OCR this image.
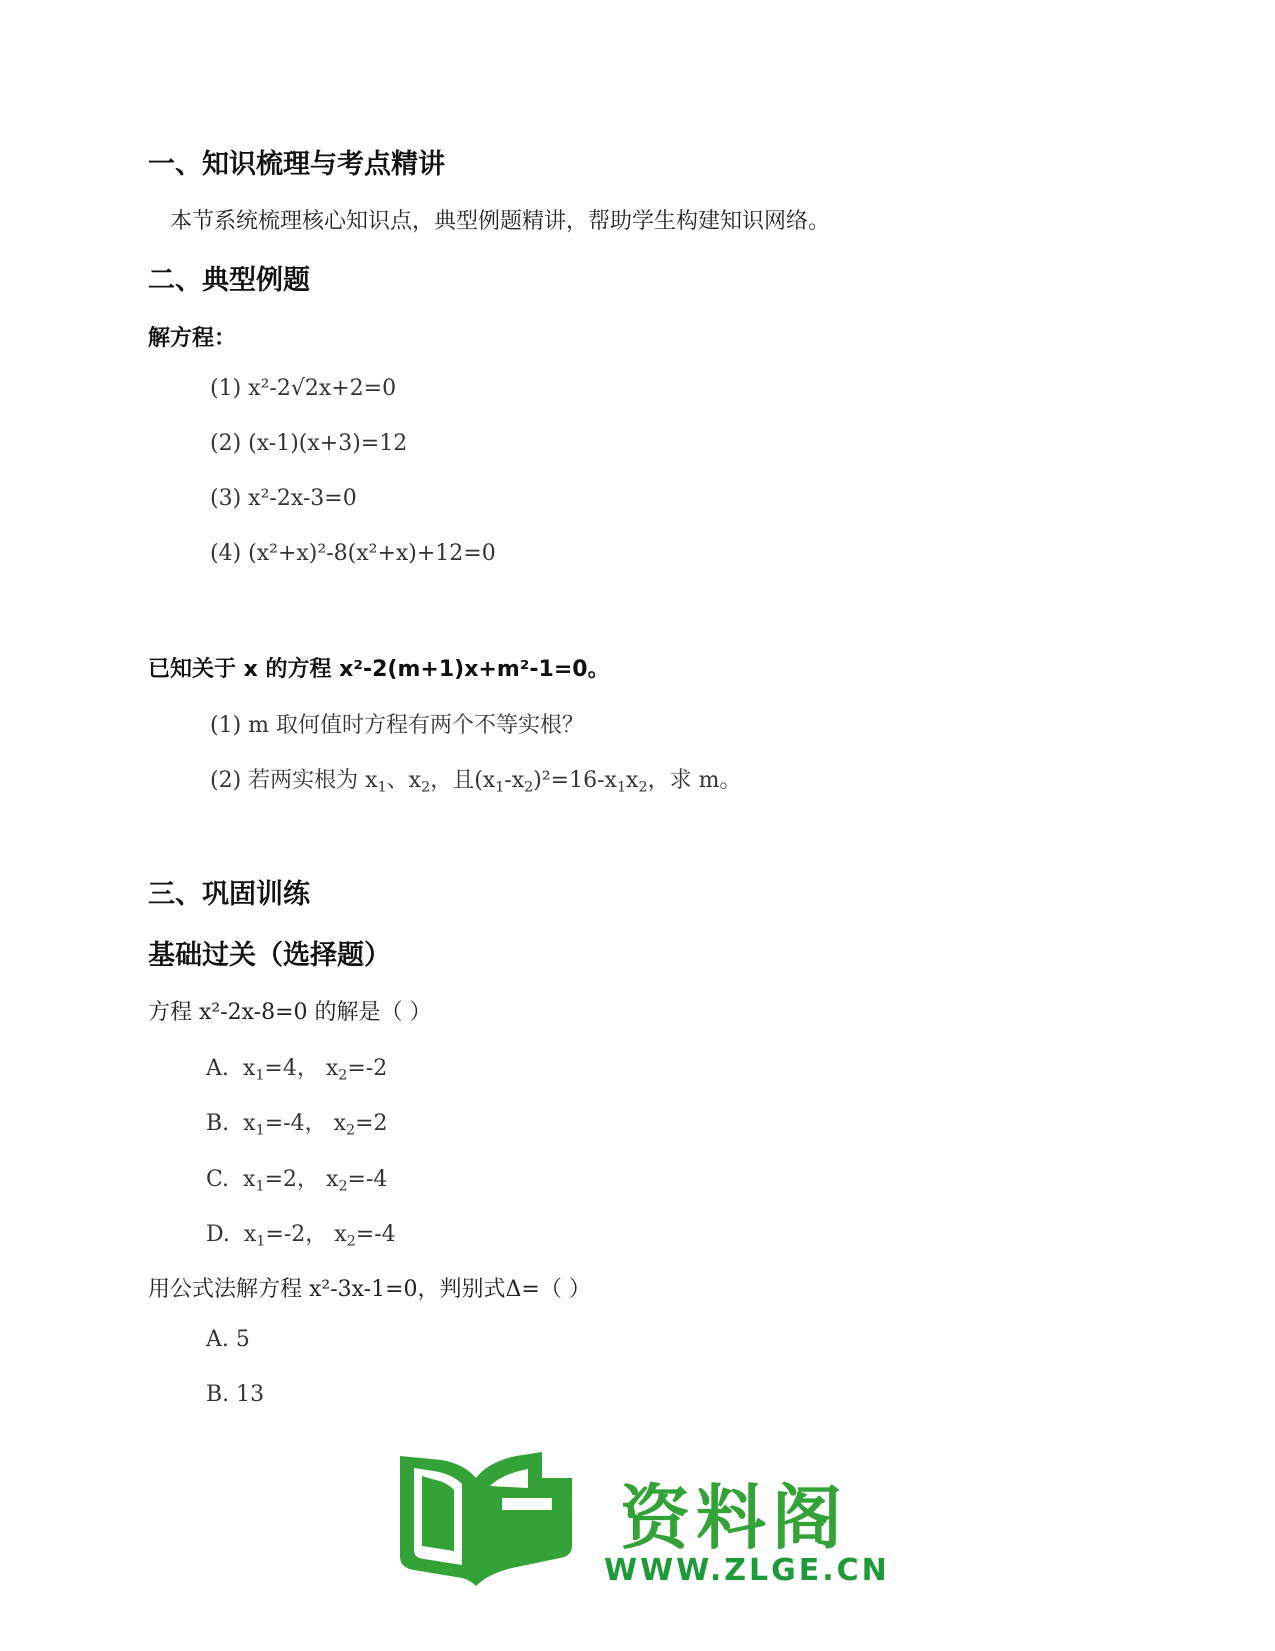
一、知识梳理与考点精讲
本节系统梳理核心知识点，典型例题精讲，帮助学生构建知识网络。
二、典型例题
解方程：
(1) x²-2√2x+2=0
(2) (x-1)(x+3)=12
(3) x²-2x-3=0
(4) (x²+x)²-8(x²+x)+12=0
已知关于 x 的方程 x²-2(m+1)x+m²-1=0。
(1) m 取何值时方程有两个不等实根？
(2) 若两实根为 $x_1$、$x_2$，且$(x_1-x_2)^2=16-x_1x_2$，求 m。
三、巩固训练
基础过关（选择题）
方程 x²-2x-8=0 的解是（ ）
A. $x_1=4$， $x_2=-2$
B. $x_1=-4$， $x_2=2$
C. $x_1=2$， $x_2=-4$
D. $x_1=-2$， $x_2=-4$
用公式法解方程 x²-3x-1=0，判别式Δ=（ ）
A. 5
B. 13
资料阁
WWW.ZLGE.CN
